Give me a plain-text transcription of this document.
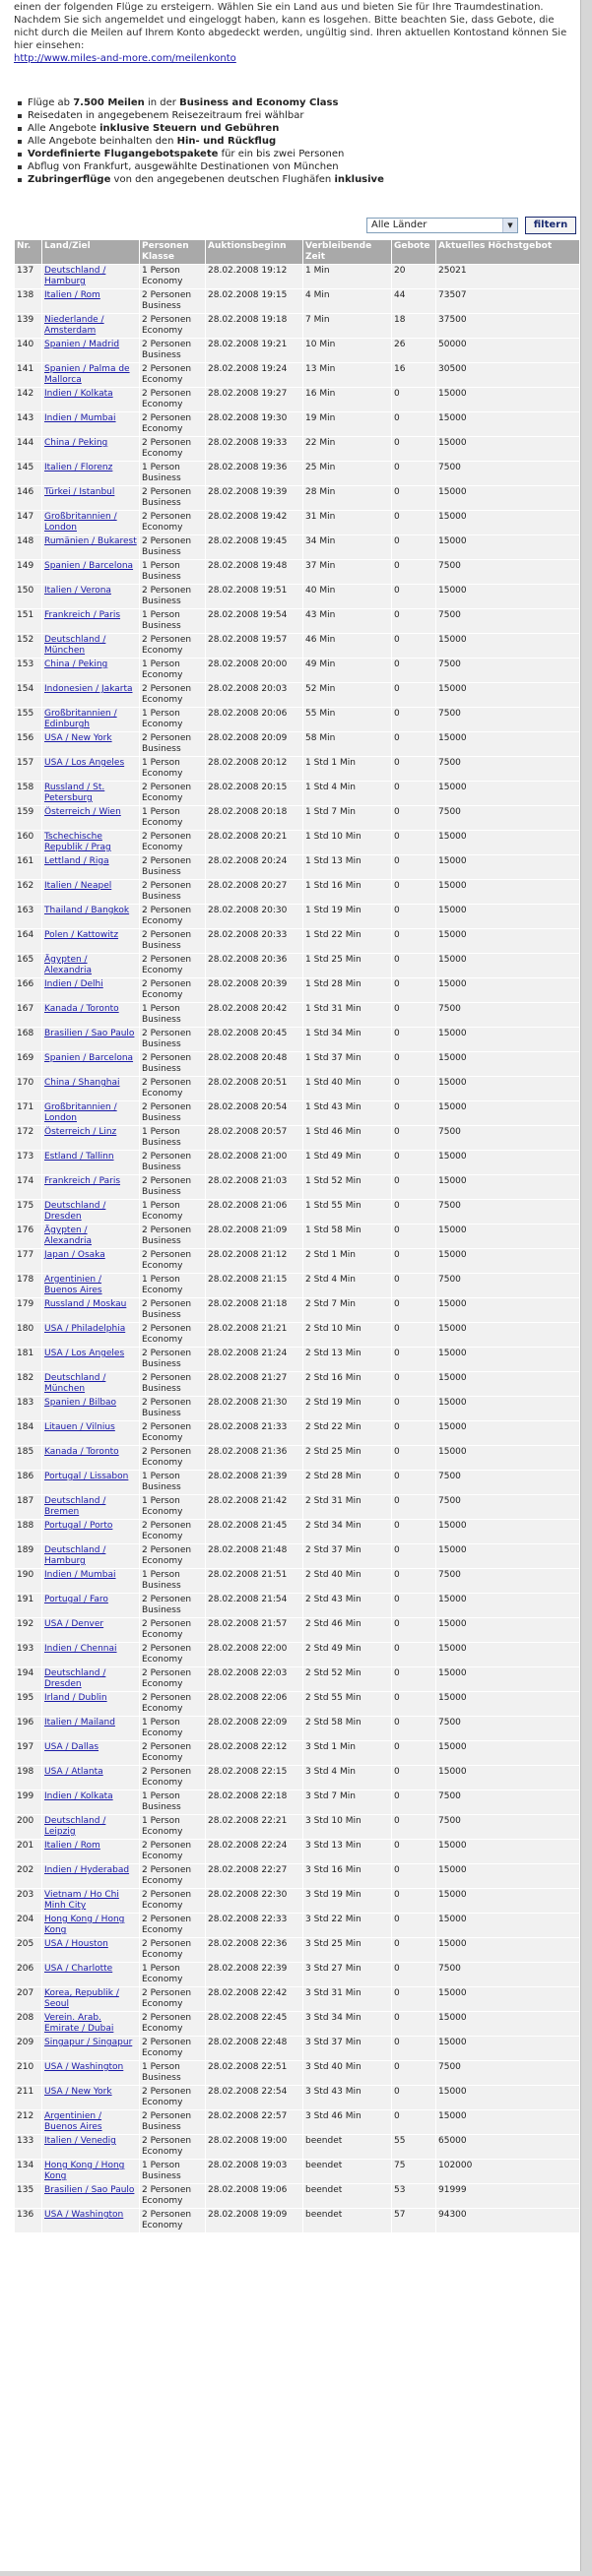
einen der folgenden Flüge zu ersteigern. Wählen Sie ein Land aus und bieten Sie für Ihre Traumdestination. Nachdem Sie sich angemeldet und eingeloggt haben, kann es losgehen. Bitte beachten Sie, dass Gebote, die nicht durch die Meilen auf Ihrem Konto abgedeckt werden, ungültig sind. Ihren aktuellen Kontostand können Sie hier einsehen:
http://www.miles-and-more.com/meilenkonto
Flüge ab 7.500 Meilen in der Business and Economy Class
Reisedaten in angegebenem Reisezeitraum frei wählbar
Alle Angebote inklusive Steuern und Gebühren
Alle Angebote beinhalten den Hin- und Rückflug
Vordefinierte Flugangebotspakete für ein bis zwei Personen
Abflug von Frankfurt, ausgewählte Destinationen von München
Zubringerflüge von den angegebenen deutschen Flughäfen inklusive
Alle Länder	▼	filtern
Nr.	Land/Ziel	Personen Klasse	Auktionsbeginn	Verbleibende Zeit	Gebote	Aktuelles Höchstgebot
137	Deutschland / Hamburg	1 Person Economy	28.02.2008 19:12	1 Min	20	25021
138	Italien / Rom	2 Personen Business	28.02.2008 19:15	4 Min	44	73507
139	Niederlande / Amsterdam	2 Personen Economy	28.02.2008 19:18	7 Min	18	37500
140	Spanien / Madrid	2 Personen Business	28.02.2008 19:21	10 Min	26	50000
141	Spanien / Palma de Mallorca	2 Personen Economy	28.02.2008 19:24	13 Min	16	30500
142	Indien / Kolkata	2 Personen Economy	28.02.2008 19:27	16 Min	0	15000
143	Indien / Mumbai	2 Personen Economy	28.02.2008 19:30	19 Min	0	15000
144	China / Peking	2 Personen Economy	28.02.2008 19:33	22 Min	0	15000
145	Italien / Florenz	1 Person Business	28.02.2008 19:36	25 Min	0	7500
146	Türkei / Istanbul	2 Personen Business	28.02.2008 19:39	28 Min	0	15000
147	Großbritannien / London	2 Personen Economy	28.02.2008 19:42	31 Min	0	15000
148	Rumänien / Bukarest	2 Personen Business	28.02.2008 19:45	34 Min	0	15000
149	Spanien / Barcelona	1 Person Business	28.02.2008 19:48	37 Min	0	7500
150	Italien / Verona	2 Personen Business	28.02.2008 19:51	40 Min	0	15000
151	Frankreich / Paris	1 Person Business	28.02.2008 19:54	43 Min	0	7500
152	Deutschland / München	2 Personen Economy	28.02.2008 19:57	46 Min	0	15000
153	China / Peking	1 Person Economy	28.02.2008 20:00	49 Min	0	7500
154	Indonesien / Jakarta	2 Personen Economy	28.02.2008 20:03	52 Min	0	15000
155	Großbritannien / Edinburgh	1 Person Economy	28.02.2008 20:06	55 Min	0	7500
156	USA / New York	2 Personen Business	28.02.2008 20:09	58 Min	0	15000
157	USA / Los Angeles	1 Person Economy	28.02.2008 20:12	1 Std 1 Min	0	7500
158	Russland / St. Petersburg	2 Personen Economy	28.02.2008 20:15	1 Std 4 Min	0	15000
159	Österreich / Wien	1 Person Economy	28.02.2008 20:18	1 Std 7 Min	0	7500
160	Tschechische Republik / Prag	2 Personen Economy	28.02.2008 20:21	1 Std 10 Min	0	15000
161	Lettland / Riga	2 Personen Business	28.02.2008 20:24	1 Std 13 Min	0	15000
162	Italien / Neapel	2 Personen Business	28.02.2008 20:27	1 Std 16 Min	0	15000
163	Thailand / Bangkok	2 Personen Economy	28.02.2008 20:30	1 Std 19 Min	0	15000
164	Polen / Kattowitz	2 Personen Business	28.02.2008 20:33	1 Std 22 Min	0	15000
165	Ägypten / Alexandria	2 Personen Economy	28.02.2008 20:36	1 Std 25 Min	0	15000
166	Indien / Delhi	2 Personen Economy	28.02.2008 20:39	1 Std 28 Min	0	15000
167	Kanada / Toronto	1 Person Business	28.02.2008 20:42	1 Std 31 Min	0	7500
168	Brasilien / Sao Paulo	2 Personen Business	28.02.2008 20:45	1 Std 34 Min	0	15000
169	Spanien / Barcelona	2 Personen Business	28.02.2008 20:48	1 Std 37 Min	0	15000
170	China / Shanghai	2 Personen Economy	28.02.2008 20:51	1 Std 40 Min	0	15000
171	Großbritannien / London	2 Personen Business	28.02.2008 20:54	1 Std 43 Min	0	15000
172	Österreich / Linz	1 Person Business	28.02.2008 20:57	1 Std 46 Min	0	7500
173	Estland / Tallinn	2 Personen Business	28.02.2008 21:00	1 Std 49 Min	0	15000
174	Frankreich / Paris	2 Personen Business	28.02.2008 21:03	1 Std 52 Min	0	15000
175	Deutschland / Dresden	1 Person Economy	28.02.2008 21:06	1 Std 55 Min	0	7500
176	Ägypten / Alexandria	2 Personen Business	28.02.2008 21:09	1 Std 58 Min	0	15000
177	Japan / Osaka	2 Personen Economy	28.02.2008 21:12	2 Std 1 Min	0	15000
178	Argentinien / Buenos Aires	1 Person Economy	28.02.2008 21:15	2 Std 4 Min	0	7500
179	Russland / Moskau	2 Personen Business	28.02.2008 21:18	2 Std 7 Min	0	15000
180	USA / Philadelphia	2 Personen Economy	28.02.2008 21:21	2 Std 10 Min	0	15000
181	USA / Los Angeles	2 Personen Business	28.02.2008 21:24	2 Std 13 Min	0	15000
182	Deutschland / München	2 Personen Business	28.02.2008 21:27	2 Std 16 Min	0	15000
183	Spanien / Bilbao	2 Personen Business	28.02.2008 21:30	2 Std 19 Min	0	15000
184	Litauen / Vilnius	2 Personen Economy	28.02.2008 21:33	2 Std 22 Min	0	15000
185	Kanada / Toronto	2 Personen Economy	28.02.2008 21:36	2 Std 25 Min	0	15000
186	Portugal / Lissabon	1 Person Business	28.02.2008 21:39	2 Std 28 Min	0	7500
187	Deutschland / Bremen	1 Person Economy	28.02.2008 21:42	2 Std 31 Min	0	7500
188	Portugal / Porto	2 Personen Economy	28.02.2008 21:45	2 Std 34 Min	0	15000
189	Deutschland / Hamburg	2 Personen Economy	28.02.2008 21:48	2 Std 37 Min	0	15000
190	Indien / Mumbai	1 Person Business	28.02.2008 21:51	2 Std 40 Min	0	7500
191	Portugal / Faro	2 Personen Business	28.02.2008 21:54	2 Std 43 Min	0	15000
192	USA / Denver	2 Personen Economy	28.02.2008 21:57	2 Std 46 Min	0	15000
193	Indien / Chennai	2 Personen Economy	28.02.2008 22:00	2 Std 49 Min	0	15000
194	Deutschland / Dresden	2 Personen Economy	28.02.2008 22:03	2 Std 52 Min	0	15000
195	Irland / Dublin	2 Personen Economy	28.02.2008 22:06	2 Std 55 Min	0	15000
196	Italien / Mailand	1 Person Economy	28.02.2008 22:09	2 Std 58 Min	0	7500
197	USA / Dallas	2 Personen Economy	28.02.2008 22:12	3 Std 1 Min	0	15000
198	USA / Atlanta	2 Personen Economy	28.02.2008 22:15	3 Std 4 Min	0	15000
199	Indien / Kolkata	1 Person Business	28.02.2008 22:18	3 Std 7 Min	0	7500
200	Deutschland / Leipzig	1 Person Economy	28.02.2008 22:21	3 Std 10 Min	0	7500
201	Italien / Rom	2 Personen Economy	28.02.2008 22:24	3 Std 13 Min	0	15000
202	Indien / Hyderabad	2 Personen Economy	28.02.2008 22:27	3 Std 16 Min	0	15000
203	Vietnam / Ho Chi Minh City	2 Personen Economy	28.02.2008 22:30	3 Std 19 Min	0	15000
204	Hong Kong / Hong Kong	2 Personen Economy	28.02.2008 22:33	3 Std 22 Min	0	15000
205	USA / Houston	2 Personen Economy	28.02.2008 22:36	3 Std 25 Min	0	15000
206	USA / Charlotte	1 Person Economy	28.02.2008 22:39	3 Std 27 Min	0	7500
207	Korea, Republik / Seoul	2 Personen Economy	28.02.2008 22:42	3 Std 31 Min	0	15000
208	Verein. Arab. Emirate / Dubai	2 Personen Economy	28.02.2008 22:45	3 Std 34 Min	0	15000
209	Singapur / Singapur	2 Personen Economy	28.02.2008 22:48	3 Std 37 Min	0	15000
210	USA / Washington	1 Person Business	28.02.2008 22:51	3 Std 40 Min	0	7500
211	USA / New York	2 Personen Economy	28.02.2008 22:54	3 Std 43 Min	0	15000
212	Argentinien / Buenos Aires	2 Personen Business	28.02.2008 22:57	3 Std 46 Min	0	15000
133	Italien / Venedig	2 Personen Economy	28.02.2008 19:00	beendet	55	65000
134	Hong Kong / Hong Kong	1 Person Business	28.02.2008 19:03	beendet	75	102000
135	Brasilien / Sao Paulo	2 Personen Economy	28.02.2008 19:06	beendet	53	91999
136	USA / Washington	2 Personen Economy	28.02.2008 19:09	beendet	57	94300
